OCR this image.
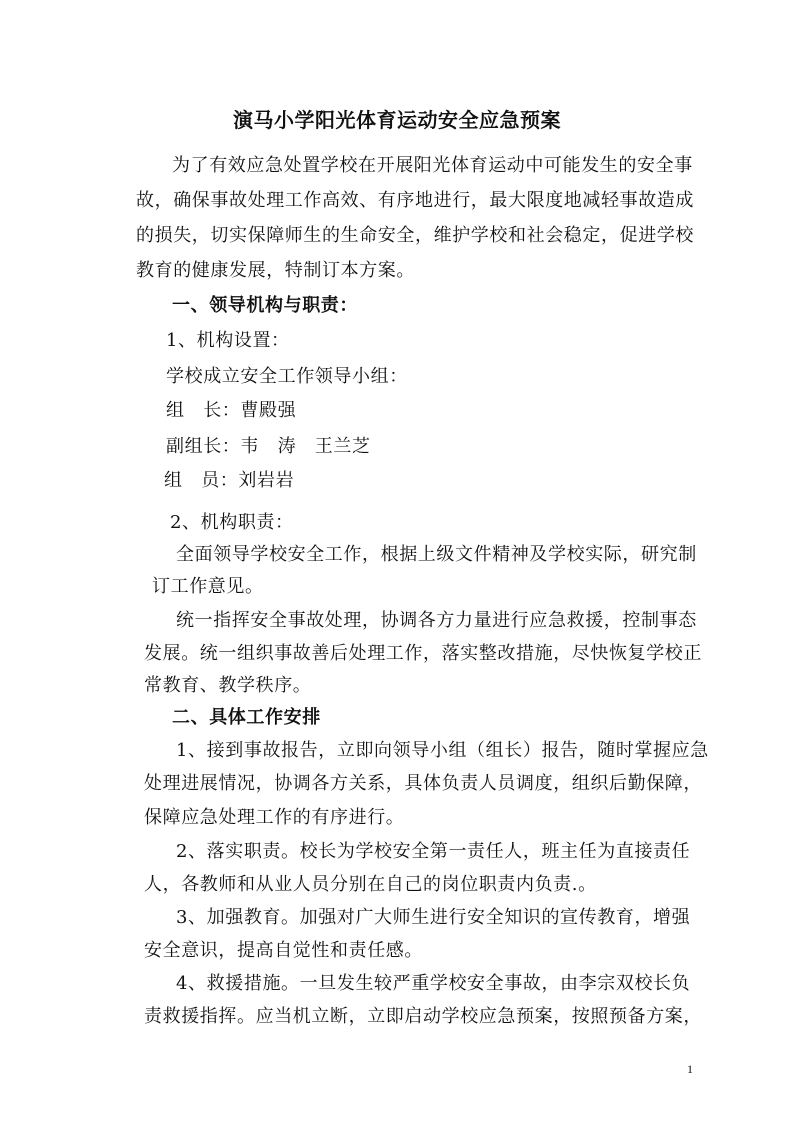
演马小学阳光体育运动安全应急预案
为了有效应急处置学校在开展阳光体育运动中可能发生的安全事
故，确保事故处理工作高效、有序地进行，最大限度地减轻事故造成
的损失，切实保障师生的生命安全，维护学校和社会稳定，促进学校
教育的健康发展，特制订本方案。
一、领导机构与职责：
1、机构设置：
学校成立安全工作领导小组：
组　长：曹殿强
副组长：韦　涛　王兰芝
组　员：刘岩岩
2、机构职责：
全面领导学校安全工作，根据上级文件精神及学校实际，研究制
订工作意见。
统一指挥安全事故处理，协调各方力量进行应急救援，控制事态
发展。统一组织事故善后处理工作，落实整改措施，尽快恢复学校正
常教育、教学秩序。
二、具体工作安排
1、接到事故报告，立即向领导小组（组长）报告，随时掌握应急
处理进展情况，协调各方关系，具体负责人员调度，组织后勤保障，
保障应急处理工作的有序进行。
2、落实职责。校长为学校安全第一责任人，班主任为直接责任
人，各教师和从业人员分别在自己的岗位职责内负责.。
3、加强教育。加强对广大师生进行安全知识的宣传教育，增强
安全意识，提高自觉性和责任感。
4、救援措施。一旦发生较严重学校安全事故，由李宗双校长负
责救援指挥。应当机立断，立即启动学校应急预案，按照预备方案，
1
